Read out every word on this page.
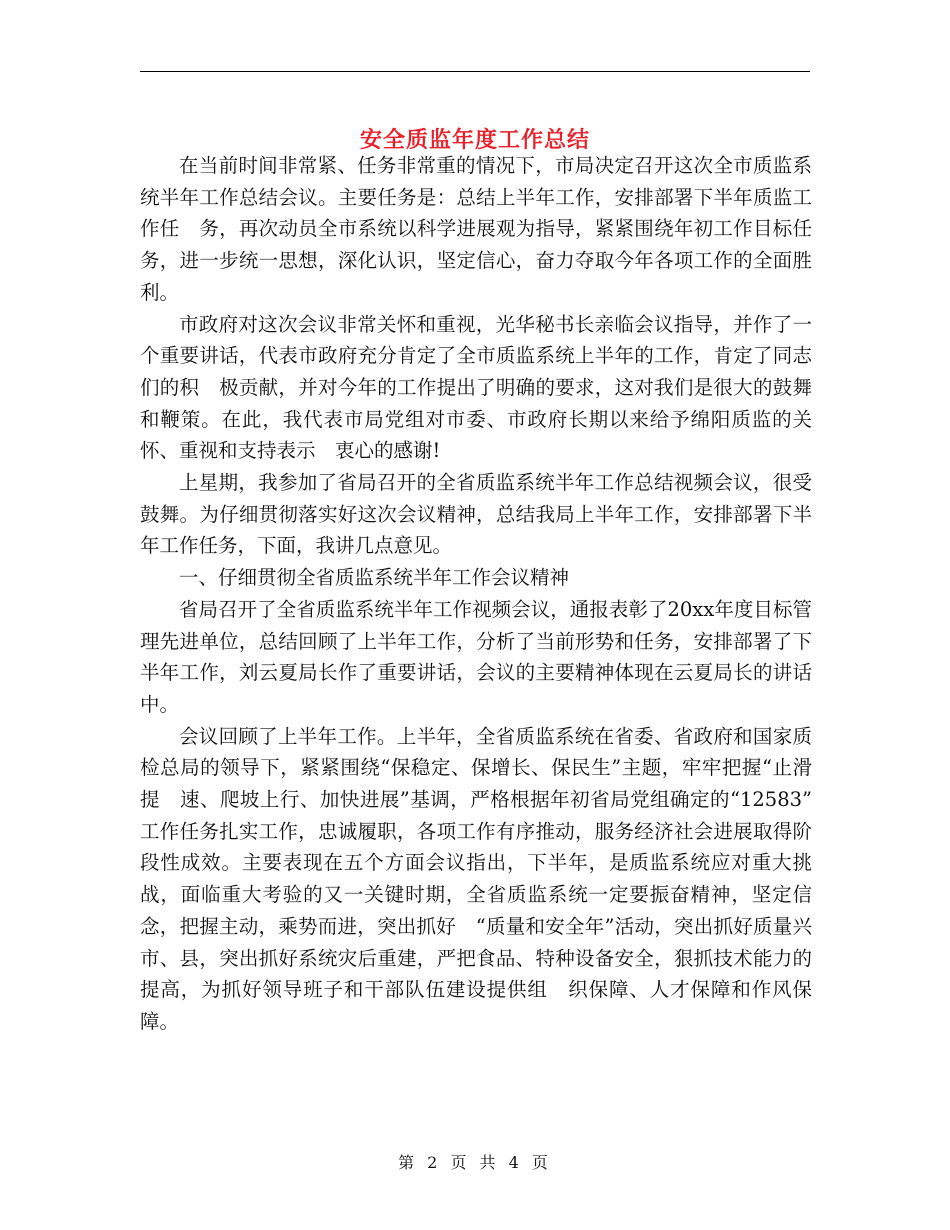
安全质监年度工作总结

在当前时间非常紧、任务非常重的情况下，市局决定召开这次全市质监系统半年工作总结会议。主要任务是：总结上半年工作，安排部署下半年质监工作任　务，再次动员全市系统以科学进展观为指导，紧紧围绕年初工作目标任务，进一步统一思想，深化认识，坚定信心，奋力夺取今年各项工作的全面胜利。

市政府对这次会议非常关怀和重视，光华秘书长亲临会议指导，并作了一个重要讲话，代表市政府充分肯定了全市质监系统上半年的工作，肯定了同志们的积　极贡献，并对今年的工作提出了明确的要求，这对我们是很大的鼓舞和鞭策。在此，我代表市局党组对市委、市政府长期以来给予绵阳质监的关怀、重视和支持表示　衷心的感谢!

上星期，我参加了省局召开的全省质监系统半年工作总结视频会议，很受鼓舞。为仔细贯彻落实好这次会议精神，总结我局上半年工作，安排部署下半年工作任务，下面，我讲几点意见。

一、仔细贯彻全省质监系统半年工作会议精神

省局召开了全省质监系统半年工作视频会议，通报表彰了20xx年度目标管理先进单位，总结回顾了上半年工作，分析了当前形势和任务，安排部署了下半年工作，刘云夏局长作了重要讲话，会议的主要精神体现在云夏局长的讲话中。

会议回顾了上半年工作。上半年，全省质监系统在省委、省政府和国家质检总局的领导下，紧紧围绕“保稳定、保增长、保民生”主题，牢牢把握“止滑提　速、爬坡上行、加快进展”基调，严格根据年初省局党组确定的“12583”　工作任务扎实工作，忠诚履职，各项工作有序推动，服务经济社会进展取得阶段性成效。主要表现在五个方面会议指出，下半年，是质监系统应对重大挑战，面临重大考验的又一关键时期，全省质监系统一定要振奋精神，坚定信念，把握主动，乘势而进，突出抓好　“质量和安全年”活动，突出抓好质量兴市、县，突出抓好系统灾后重建，严把食品、特种设备安全，狠抓技术能力的提高，为抓好领导班子和干部队伍建设提供组　织保障、人才保障和作风保障。

第 2 页 共 4 页
